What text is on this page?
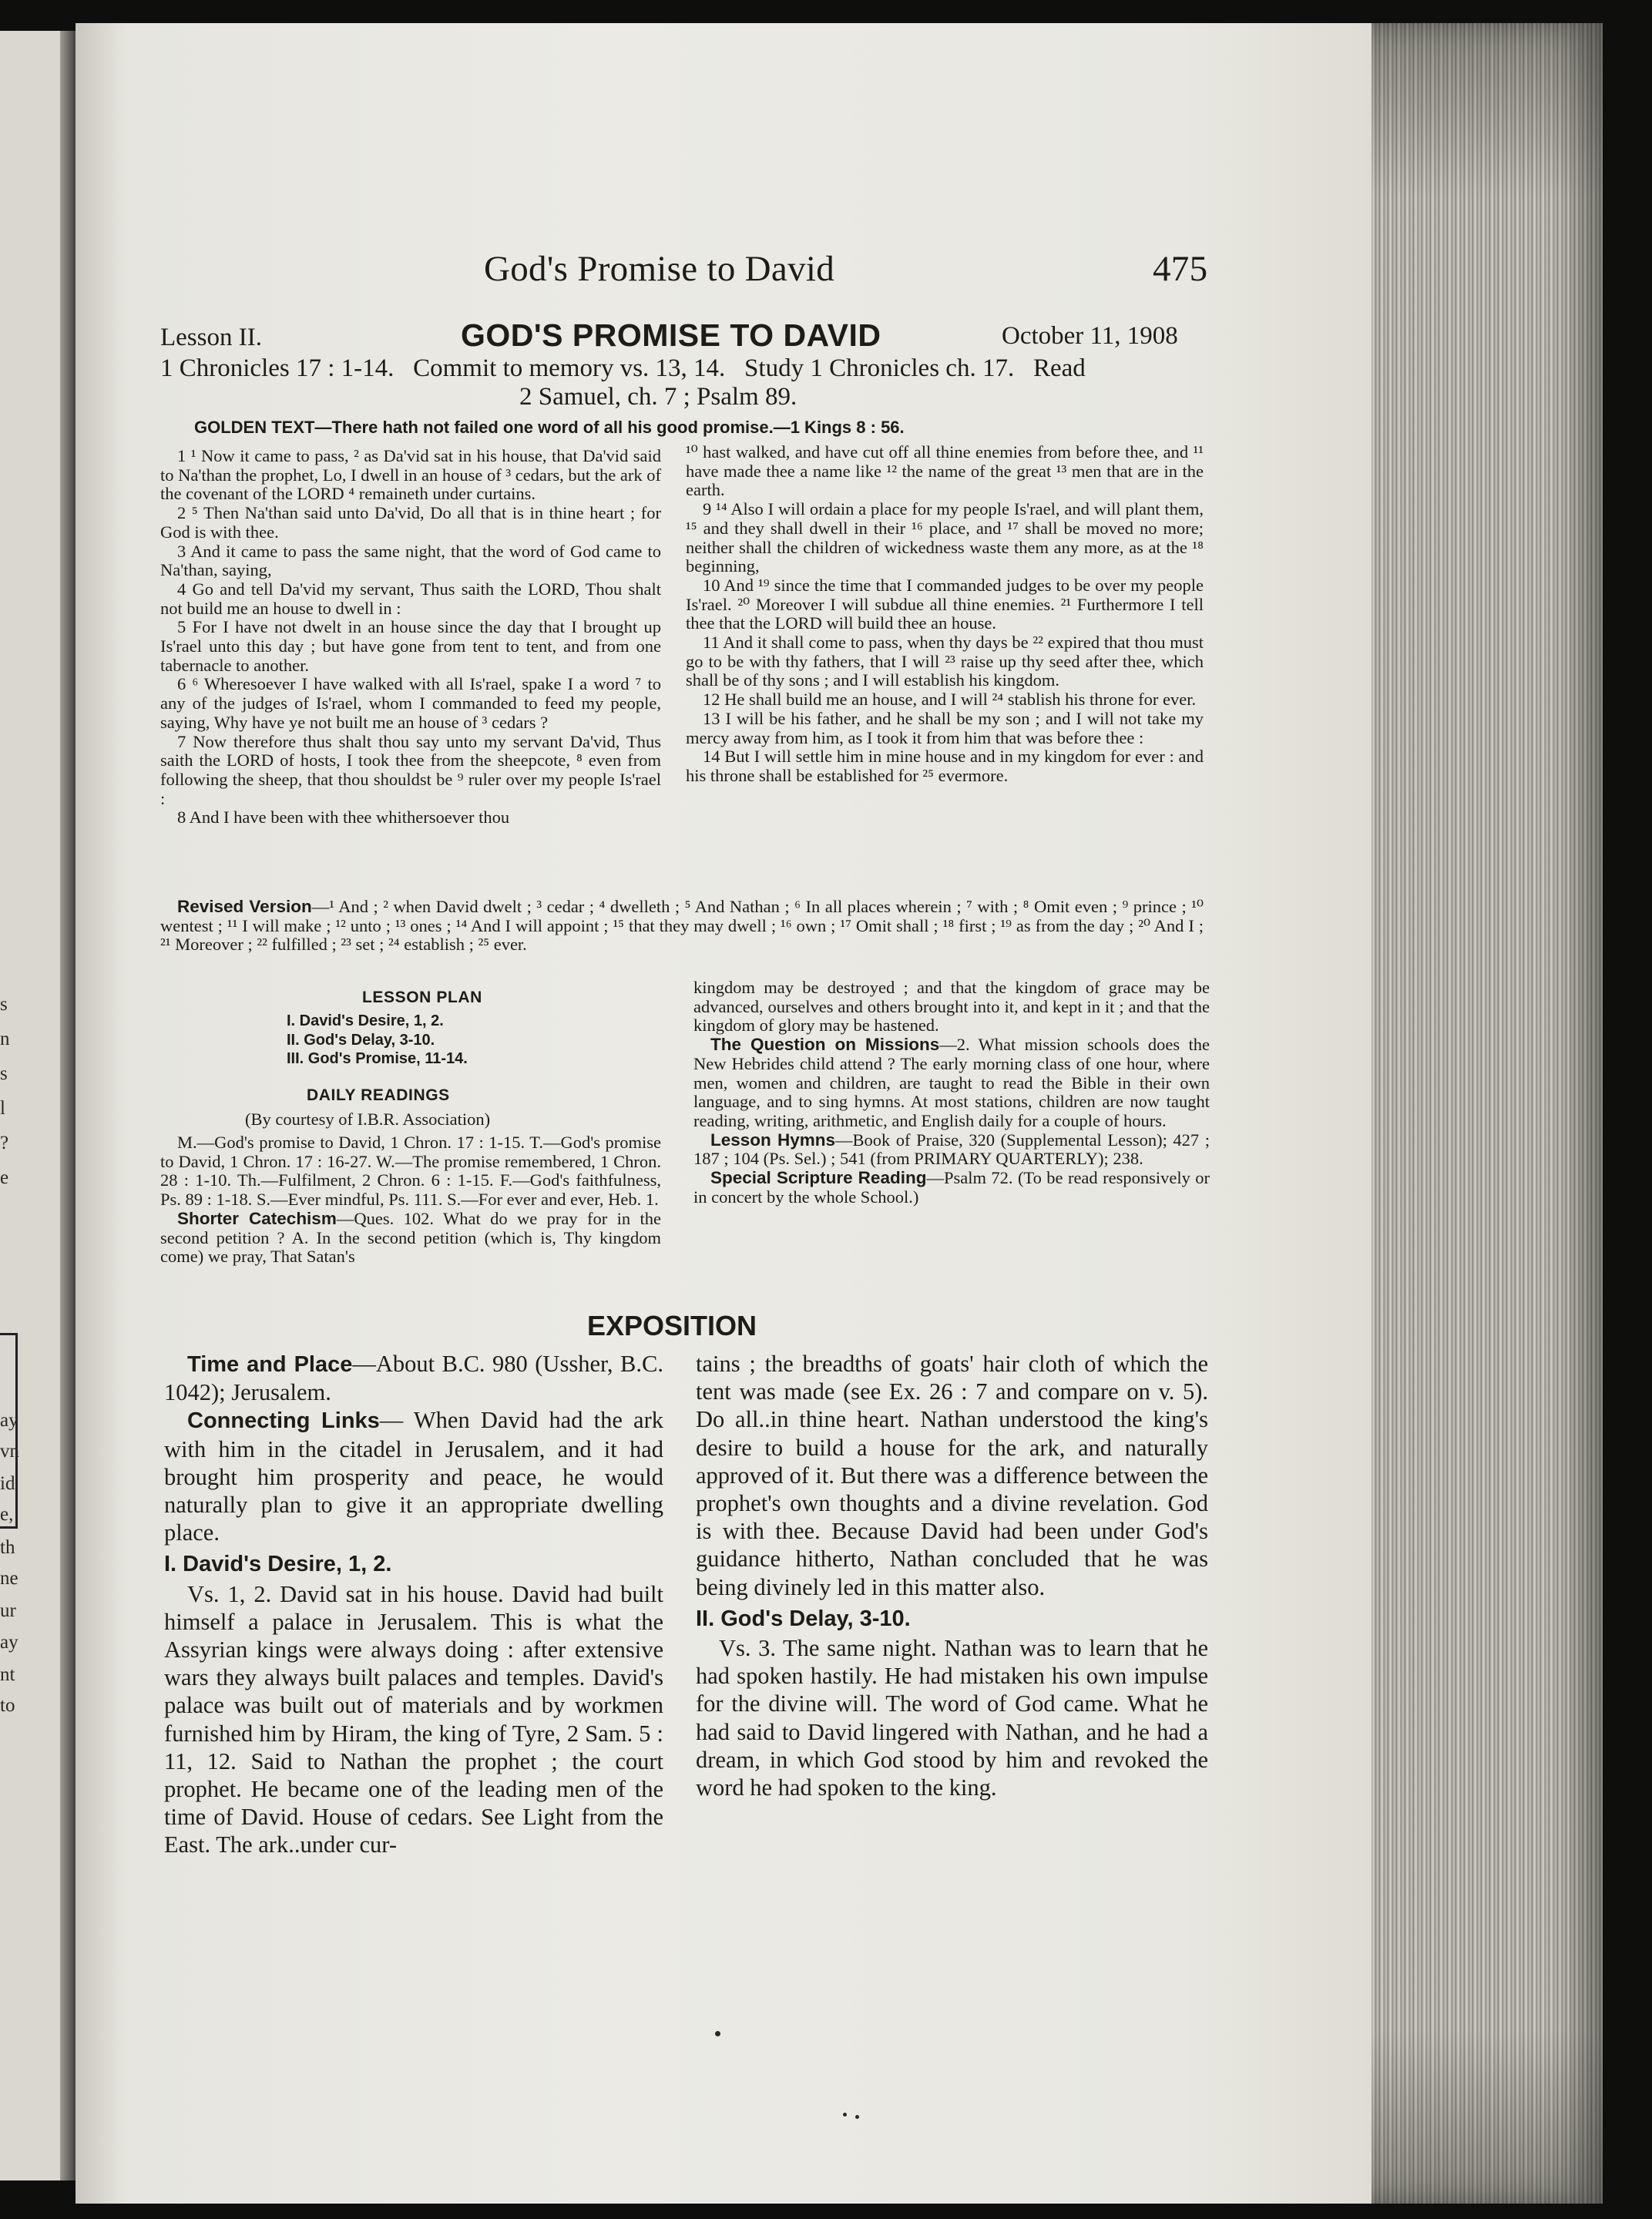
s
n
s
l
?
e
ay
vn
id
e,
th
ne
ur
ay
nt
to
God's Promise to David	475
Lesson II.	GOD'S PROMISE TO DAVID	October 11, 1908
1 Chronicles 17 : 1-14.   Commit to memory vs. 13, 14.   Study 1 Chronicles ch. 17.   Read
2 Samuel, ch. 7 ; Psalm 89.
GOLDEN TEXT—There hath not failed one word of all his good promise.—1 Kings 8 : 56.

1 ¹ Now it came to pass, ² as Da'vid sat in his house, that Da'vid said to Na'than the prophet, Lo, I dwell in an house of ³ cedars, but the ark of the covenant of the LORD ⁴ remaineth under curtains.

2 ⁵ Then Na'than said unto Da'vid, Do all that is in thine heart ; for God is with thee.

3 And it came to pass the same night, that the word of God came to Na'than, saying,

4 Go and tell Da'vid my servant, Thus saith the LORD, Thou shalt not build me an house to dwell in :

5 For I have not dwelt in an house since the day that I brought up Is'rael unto this day ; but have gone from tent to tent, and from one tabernacle to another.

6 ⁶ Wheresoever I have walked with all Is'rael, spake I a word ⁷ to any of the judges of Is'rael, whom I commanded to feed my people, saying, Why have ye not built me an house of ³ cedars ?

7 Now therefore thus shalt thou say unto my servant Da'vid, Thus saith the LORD of hosts, I took thee from the sheepcote, ⁸ even from following the sheep, that thou shouldst be ⁹ ruler over my people Is'rael :

8 And I have been with thee whithersoever thou

¹⁰ hast walked, and have cut off all thine enemies from before thee, and ¹¹ have made thee a name like ¹² the name of the great ¹³ men that are in the earth.

9 ¹⁴ Also I will ordain a place for my people Is'rael, and will plant them, ¹⁵ and they shall dwell in their ¹⁶ place, and ¹⁷ shall be moved no more; neither shall the children of wickedness waste them any more, as at the ¹⁸ beginning,

10 And ¹⁹ since the time that I commanded judges to be over my people Is'rael. ²⁰ Moreover I will subdue all thine enemies. ²¹ Furthermore I tell thee that the LORD will build thee an house.

11 And it shall come to pass, when thy days be ²² expired that thou must go to be with thy fathers, that I will ²³ raise up thy seed after thee, which shall be of thy sons ; and I will establish his kingdom.

12 He shall build me an house, and I will ²⁴ stablish his throne for ever.

13 I will be his father, and he shall be my son ; and I will not take my mercy away from him, as I took it from him that was before thee :

14 But I will settle him in mine house and in my kingdom for ever : and his throne shall be established for ²⁵ evermore.

Revised Version—¹ And ; ² when David dwelt ; ³ cedar ; ⁴ dwelleth ; ⁵ And Nathan ; ⁶ In all places wherein ; ⁷ with ; ⁸ Omit even ; ⁹ prince ; ¹⁰ wentest ; ¹¹ I will make ; ¹² unto ; ¹³ ones ; ¹⁴ And I will appoint ; ¹⁵ that they may dwell ; ¹⁶ own ; ¹⁷ Omit shall ; ¹⁸ first ; ¹⁹ as from the day ; ²⁰ And I ; ²¹ Moreover ; ²² fulfilled ; ²³ set ; ²⁴ establish ; ²⁵ ever.
LESSON PLAN
I. David's Desire, 1, 2.
II. God's Delay, 3-10.
III. God's Promise, 11-14.
DAILY READINGS
(By courtesy of I.B.R. Association)

M.—God's promise to David, 1 Chron. 17 : 1-15. T.—God's promise to David, 1 Chron. 17 : 16-27. W.—The promise remembered, 1 Chron. 28 : 1-10. Th.—Fulfilment, 2 Chron. 6 : 1-15. F.—God's faithfulness, Ps. 89 : 1-18. S.—Ever mindful, Ps. 111. S.—For ever and ever, Heb. 1.

Shorter Catechism—Ques. 102. What do we pray for in the second petition ? A. In the second petition (which is, Thy kingdom come) we pray, That Satan's

kingdom may be destroyed ; and that the kingdom of grace may be advanced, ourselves and others brought into it, and kept in it ; and that the kingdom of glory may be hastened.

The Question on Missions—2. What mission schools does the New Hebrides child attend ? The early morning class of one hour, where men, women and children, are taught to read the Bible in their own language, and to sing hymns. At most stations, children are now taught reading, writing, arithmetic, and English daily for a couple of hours.

Lesson Hymns—Book of Praise, 320 (Supplemental Lesson); 427 ; 187 ; 104 (Ps. Sel.) ; 541 (from PRIMARY QUARTERLY); 238.

Special Scripture Reading—Psalm 72. (To be read responsively or in concert by the whole School.)

EXPOSITION

Time and Place—About B.C. 980 (Ussher, B.C. 1042); Jerusalem.

Connecting Links— When David had the ark with him in the citadel in Jerusalem, and it had brought him prosperity and peace, he would naturally plan to give it an appropriate dwelling place.

I. David's Desire, 1, 2.

Vs. 1, 2. David sat in his house. David had built himself a palace in Jerusalem. This is what the Assyrian kings were always doing : after extensive wars they always built palaces and temples. David's palace was built out of materials and by workmen furnished him by Hiram, the king of Tyre, 2 Sam. 5 : 11, 12. Said to Nathan the prophet ; the court prophet. He became one of the leading men of the time of David. House of cedars. See Light from the East. The ark..under cur-

tains ; the breadths of goats' hair cloth of which the tent was made (see Ex. 26 : 7 and compare on v. 5). Do all..in thine heart. Nathan understood the king's desire to build a house for the ark, and naturally approved of it. But there was a difference between the prophet's own thoughts and a divine revelation. God is with thee. Because David had been under God's guidance hitherto, Nathan concluded that he was being divinely led in this matter also.

II. God's Delay, 3-10.

Vs. 3. The same night. Nathan was to learn that he had spoken hastily. He had mistaken his own impulse for the divine will. The word of God came. What he had said to David lingered with Nathan, and he had a dream, in which God stood by him and revoked the word he had spoken to the king.
